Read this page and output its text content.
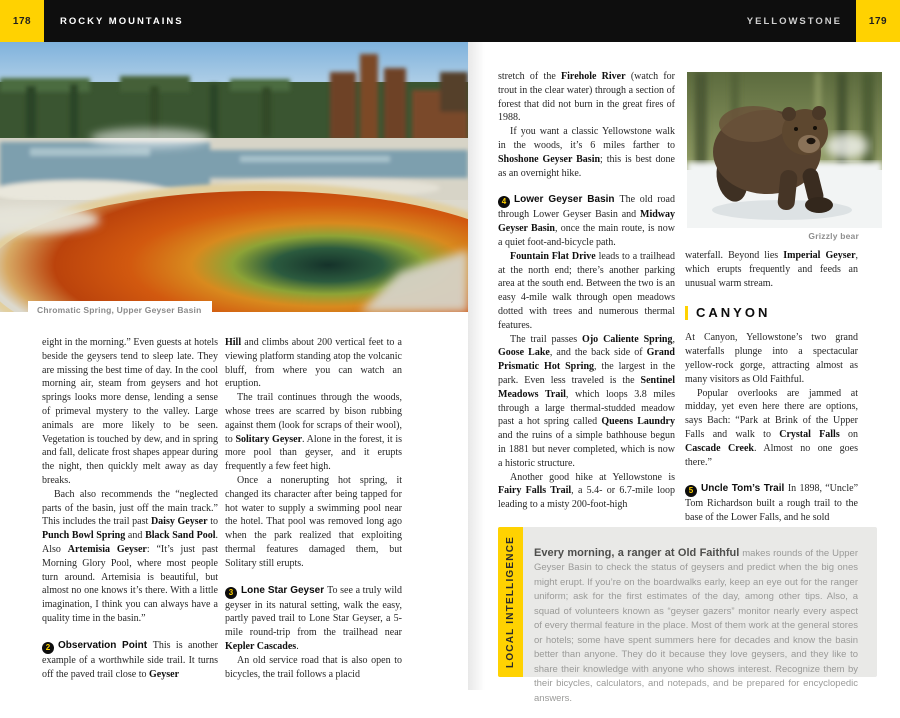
178	ROCKY MOUNTAINS	YELLOWSTONE	179
Chromatic Spring, Upper Geyser Basin
Grizzly bear

eight in the morning.” Even guests at hotels beside the geysers tend to sleep late. They are missing the best time of day. In the cool morning air, steam from geysers and hot springs looks more dense, lending a sense of primeval mystery to the valley. Large animals are more likely to be seen. Vegetation is touched by dew, and in spring and fall, delicate frost shapes appear during the night, then quickly melt away as day breaks.

Bach also recommends the “neglected parts of the basin, just off the main track.” This includes the trail past Daisy Geyser to Punch Bowl Spring and Black Sand Pool. Also Artemisia Geyser: “It’s just past Morning Glory Pool, where most people turn around. Artemisia is beautiful, but almost no one knows it’s there. With a little imagination, I think you can always have a quality time in the basin.”

2 Observation Point This is another example of a worthwhile side trail. It turns off the paved trail close to Geyser

Hill and climbs about 200 vertical feet to a viewing platform standing atop the volcanic bluff, from where you can watch an eruption.

The trail continues through the woods, whose trees are scarred by bison rubbing against them (look for scraps of their wool), to Solitary Geyser. Alone in the forest, it is more pool than geyser, and it erupts frequently a few feet high.

Once a nonerupting hot spring, it changed its character after being tapped for hot water to supply a swimming pool near the hotel. That pool was removed long ago when the park realized that exploiting thermal features damaged them, but Solitary still erupts.

3 Lone Star Geyser To see a truly wild geyser in its natural setting, walk the easy, partly paved trail to Lone Star Geyser, a 5-mile round-trip from the trailhead near Kepler Cascades.

An old service road that is also open to bicycles, the trail follows a placid

stretch of the Firehole River (watch for trout in the clear water) through a section of forest that did not burn in the great fires of 1988.

If you want a classic Yellowstone walk in the woods, it’s 6 miles farther to Shoshone Geyser Basin; this is best done as an overnight hike.

4 Lower Geyser Basin The old road through Lower Geyser Basin and Midway Geyser Basin, once the main route, is now a quiet foot-and-bicycle path.

Fountain Flat Drive leads to a trailhead at the north end; there’s another parking area at the south end. Between the two is an easy 4-mile walk through open meadows dotted with trees and numerous thermal features.

The trail passes Ojo Caliente Spring, Goose Lake, and the back side of Grand Prismatic Hot Spring, the largest in the park. Even less traveled is the Sentinel Meadows Trail, which loops 3.8 miles through a large thermal-studded meadow past a hot spring called Queens Laundry and the ruins of a simple bathhouse begun in 1881 but never completed, which is now a historic structure.

Another good hike at Yellowstone is Fairy Falls Trail, a 5.4- or 6.7-mile loop leading to a misty 200-foot-high

waterfall. Beyond lies Imperial Geyser, which erupts frequently and feeds an unusual warm stream.

CANYON

At Canyon, Yellowstone’s two grand waterfalls plunge into a spectacular yellow-rock gorge, attracting almost as many visitors as Old Faithful.

Popular overlooks are jammed at midday, yet even here there are options, says Bach: “Park at Brink of the Upper Falls and walk to Crystal Falls on Cascade Creek. Almost no one goes there.”

5 Uncle Tom’s Trail In 1898, “Uncle” Tom Richardson built a rough trail to the base of the Lower Falls, and he sold

LOCAL INTELLIGENCE Every morning, a ranger at Old Faithful makes rounds of the Upper Geyser Basin to check the status of geysers and predict when the big ones might erupt. If you’re on the boardwalks early, keep an eye out for the ranger uniform; ask for the first estimates of the day, among other tips. Also, a squad of volunteers known as “geyser gazers” monitor nearly every aspect of every thermal feature in the place. Most of them work at the general stores or hotels; some have spent summers here for decades and know the basin better than anyone. They do it because they love geysers, and they like to share their knowledge with anyone who shows interest. Recognize them by their bicycles, calculators, and notepads, and be prepared for encyclopedic answers.
